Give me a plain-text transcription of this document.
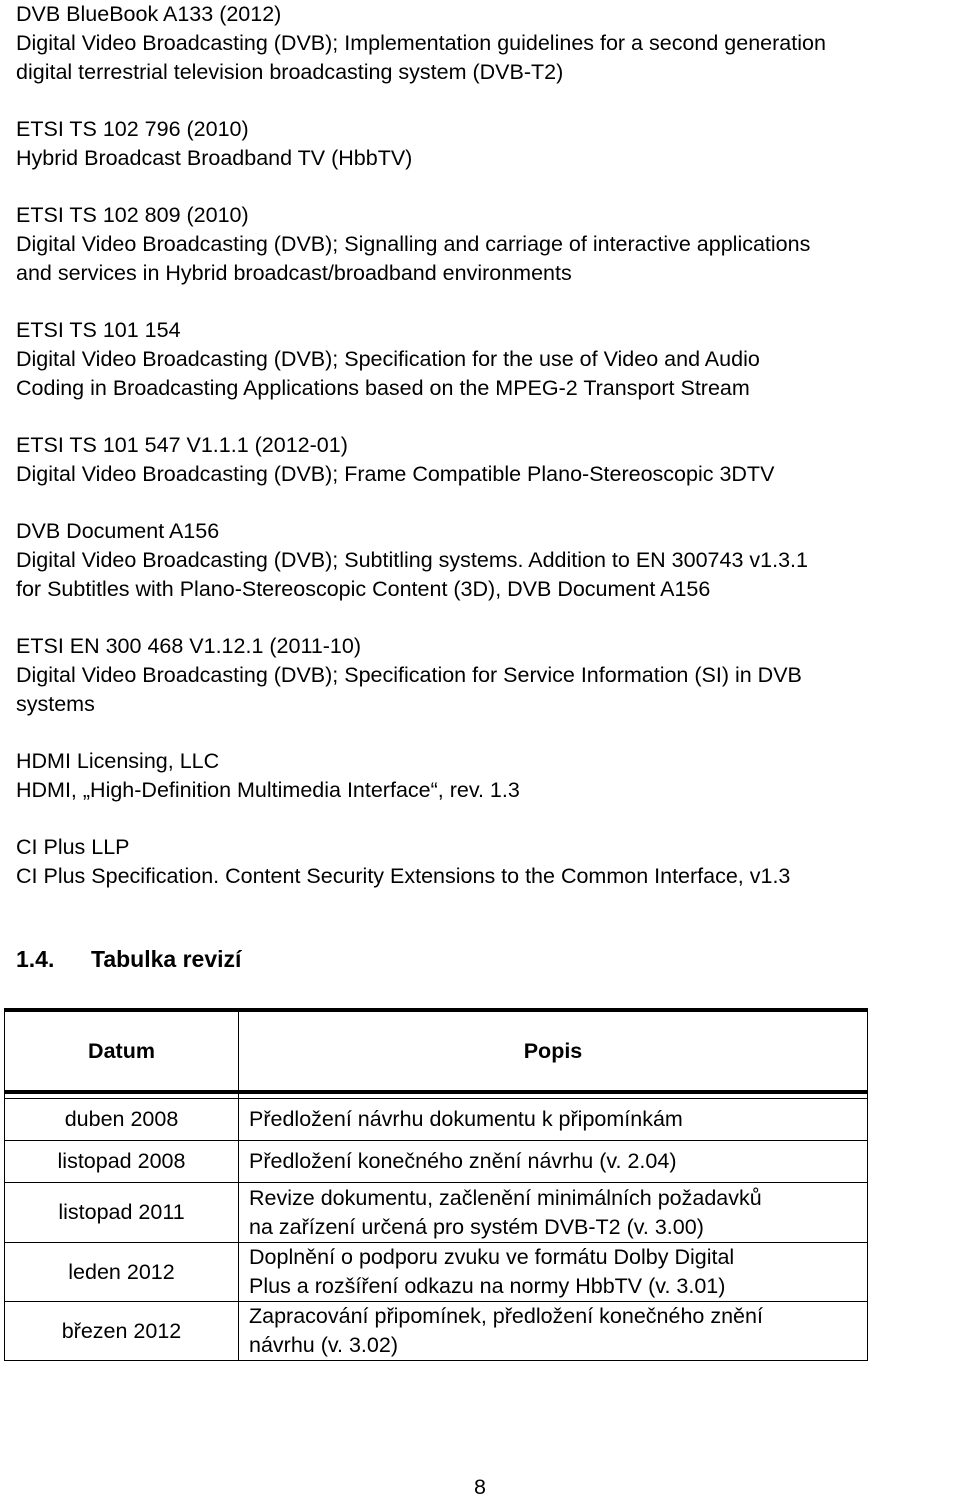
DVB BlueBook A133 (2012)

Digital Video Broadcasting (DVB); Implementation guidelines for a second generation

digital terrestrial television broadcasting system (DVB-T2)

ETSI TS 102 796 (2010)

Hybrid Broadcast Broadband TV (HbbTV)

ETSI TS 102 809 (2010)

Digital Video Broadcasting (DVB); Signalling and carriage of interactive applications

and services in Hybrid broadcast/broadband environments

ETSI TS 101 154

Digital Video Broadcasting (DVB); Specification for the use of Video and Audio

Coding in Broadcasting Applications based on the MPEG-2 Transport Stream

ETSI TS 101 547 V1.1.1 (2012-01)

Digital Video Broadcasting (DVB); Frame Compatible Plano-Stereoscopic 3DTV

DVB Document A156

Digital Video Broadcasting (DVB); Subtitling systems. Addition to EN 300743 v1.3.1

for Subtitles with Plano-Stereoscopic Content (3D), DVB Document A156

ETSI EN 300 468 V1.12.1 (2011-10)

Digital Video Broadcasting (DVB); Specification for Service Information (SI) in DVB

systems

HDMI Licensing, LLC

HDMI, „High-Definition Multimedia Interface“, rev. 1.3

CI Plus LLP

CI Plus Specification. Content Security Extensions to the Common Interface, v1.3

1.4. Tabulka revizí
Datum	Popis

duben 2008	Předložení návrhu dokumentu k připomínkám
listopad 2008	Předložení konečného znění návrhu (v. 2.04)
listopad 2011	Revize dokumentu, začlenění minimálních požadavků
na zařízení určená pro systém DVB-T2 (v. 3.00)
leden 2012	Doplnění o podporu zvuku ve formátu Dolby Digital
Plus a rozšíření odkazu na normy HbbTV (v. 3.01)
březen 2012	Zapracování připomínek, předložení konečného znění
návrhu (v. 3.02)

8
